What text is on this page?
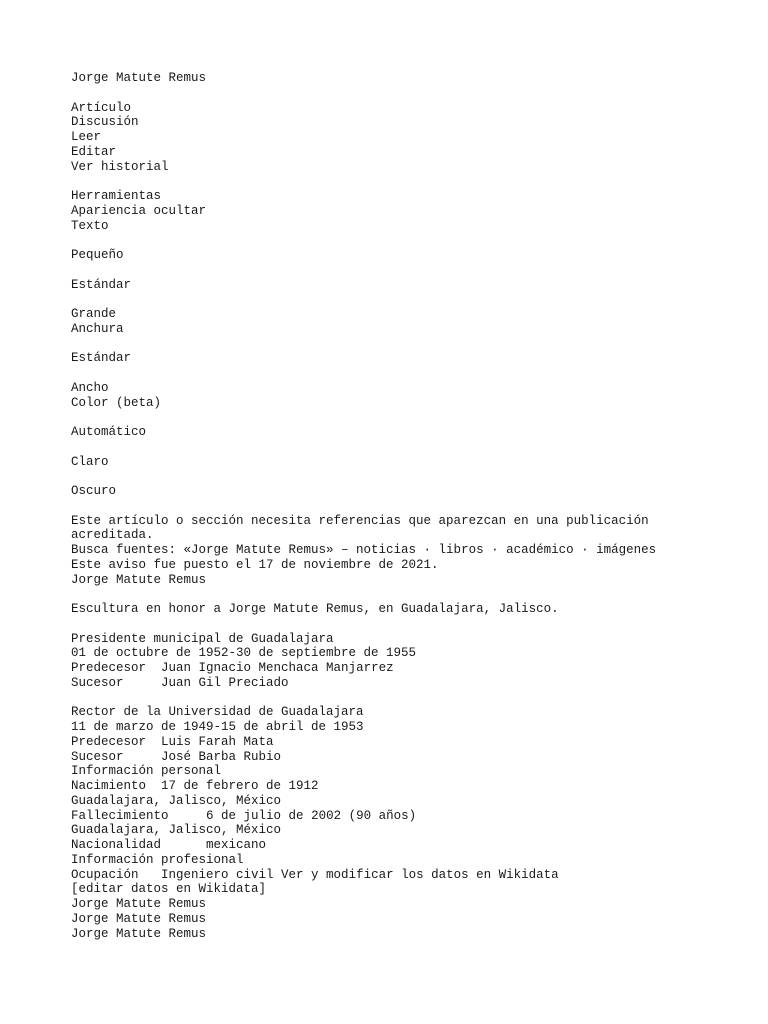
Jorge Matute Remus
Artículo
Discusión
Leer
Editar
Ver historial
Herramientas
Apariencia ocultar
Texto
Pequeño
Estándar
Grande
Anchura
Estándar
Ancho
Color (beta)
Automático
Claro
Oscuro
Este artículo o sección necesita referencias que aparezcan en una publicación
acreditada.
Busca fuentes: «Jorge Matute Remus» – noticias · libros · académico · imágenes
Este aviso fue puesto el 17 de noviembre de 2021.
Jorge Matute Remus
Escultura en honor a Jorge Matute Remus, en Guadalajara, Jalisco.
Presidente municipal de Guadalajara
01 de octubre de 1952-30 de septiembre de 1955
Predecesor Juan Ignacio Menchaca Manjarrez
Sucesor	Juan Gil Preciado
Rector de la Universidad de Guadalajara
11 de marzo de 1949-15 de abril de 1953
Predecesor Luis Farah Mata
Sucesor	José Barba Rubio
Información personal
Nacimiento 17 de febrero de 1912
Guadalajara, Jalisco, México
Fallecimiento	6 de julio de 2002 (90 años)
Guadalajara, Jalisco, México
Nacionalidad	mexicano
Información profesional
Ocupación Ingeniero civil Ver y modificar los datos en Wikidata
[editar datos en Wikidata]
Jorge Matute Remus
Jorge Matute Remus
Jorge Matute Remus
